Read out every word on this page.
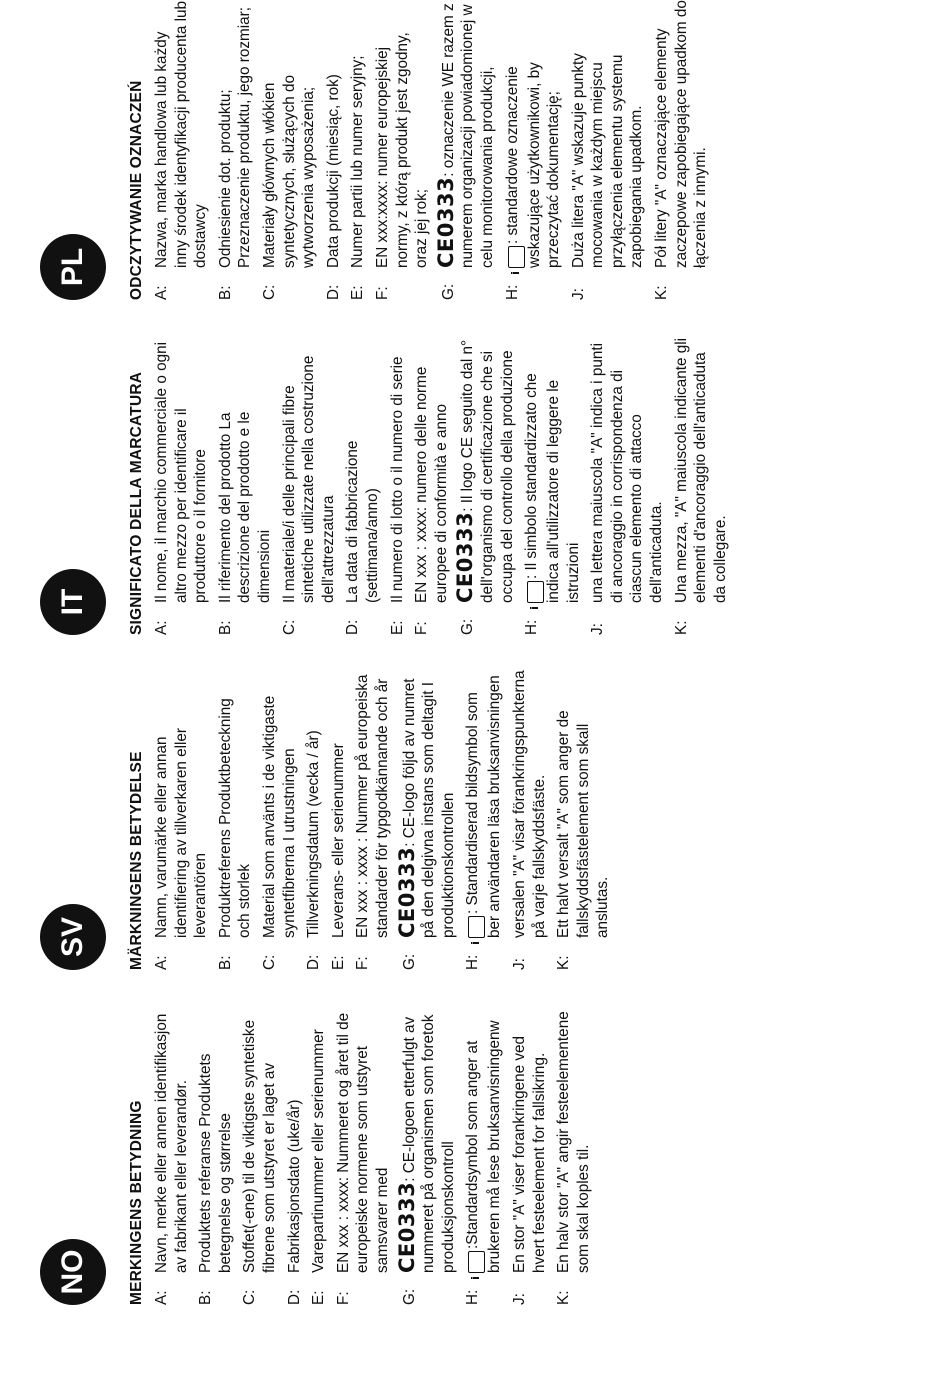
NO	MERKINGENS BETYDNING A:Navn, merke eller annen identifikasjon av fabrikant eller leverandør.
B:Produktets referanse Produktets betegnelse og størrelse
C:Stoffet(-ene) til de viktigste syntetiske fibrene som utstyret er laget av
D:Fabrikasjonsdato (uke/år)
E:Varepartinummer eller serienummer
F:EN xxx : xxxx: Nummeret og året til de europeiske normene som utstyret samsvarer med
G:CE0333: CE-logoen etterfulgt av nummeret på organismen som foretok produksjonskontroll
H:i:Standardsymbol som anger at brukeren må lese bruksanvisningenw
J:En stor "A" viser forankringene ved hvert festeelement for fallsikring.
K:En halv stor "A" angir festeelementene som skal koples til.
SV	MÄRKNINGENS BETYDELSE A:Namn, varumärke eller annan identifiering av tillverkaren eller leverantören
B:Produktreferens Produktbeteckning och storlek
C:Material som använts i de viktigaste syntetfibrerna I utrustningen
D:Tillverkningsdatum (vecka / år)
E:Leverans- eller serienummer
F:EN xxx : xxxx : Nummer på europeiska standarder för typgodkännande och år
G:CE0333: CE-logo följd av numret på den delgivna instans som deltagit I produktionskontrollen
H:i: Standardiserad bildsymbol som ber användaren läsa bruksanvisningen
J:versalen "A" visar förankringspunkterna på varje fallskyddsfäste.
K:Ett halvt versalt "A" som anger de fallskyddsfästelement som skall anslutas.
IT	SIGNIFICATO DELLA MARCATURA A:Il nome, il marchio commerciale o ogni altro mezzo per identificare il produttore o il fornitore
B:Il riferimento del prodotto La descrizione del prodotto e le dimensioni
C:Il materiale/i delle principali fibre sintetiche utilizzate nella costruzione dell'attrezzatura
D:La data di fabbricazione (settimana/anno)
E:Il numero di lotto o il numero di serie
F:EN xxx : xxxx: numero delle norme europee di conformità e anno
G:CE0333: Il logo CE seguito dal n° dell'organismo di certificazione che si occupa del controllo della produzione
H:i: Il simbolo standardizzato che indica all'utilizzatore di leggere le istruzioni
J:una lettera maiuscola "A" indica i punti di ancoraggio in corrispondenza di ciascun elemento di attacco dell'anticaduta.
K:Una mezza, "A" maiuscola indicante gli elementi d'ancoraggio dell'anticaduta da collegare.
PL	ODCZYTYWANIE OZNACZEŃ A:Nazwa, marka handlowa lub każdy inny środek identyfikacji producenta lub dostawcy
B:Odniesienie dot. produktu; Przeznaczenie produktu, jego rozmiar;
C:Materiały głównych włókien syntetycznych, służących do wytworzenia wyposażenia;
D:Data produkcji (miesiąc, rok)
E:Numer partii lub numer seryjny;
F:EN xxx:xxxx: numer europejskiej normy, z którą produkt jest zgodny, oraz jej rok;
G:CE0333: oznaczenie WE razem z numerem organizacji powiadomionej w celu monitorowania produkcji,
H:i: standardowe oznaczenie wskazujące użytkownikowi, by przeczytać dokumentację;
J:Duża litera "A" wskazuje punkty mocowania w każdym miejscu przyłączenia elementu systemu zapobiegania upadkom.
K:Pół litery "A" oznaczające elementy zaczepowe zapobiegające upadkom do łączenia z innymi.
